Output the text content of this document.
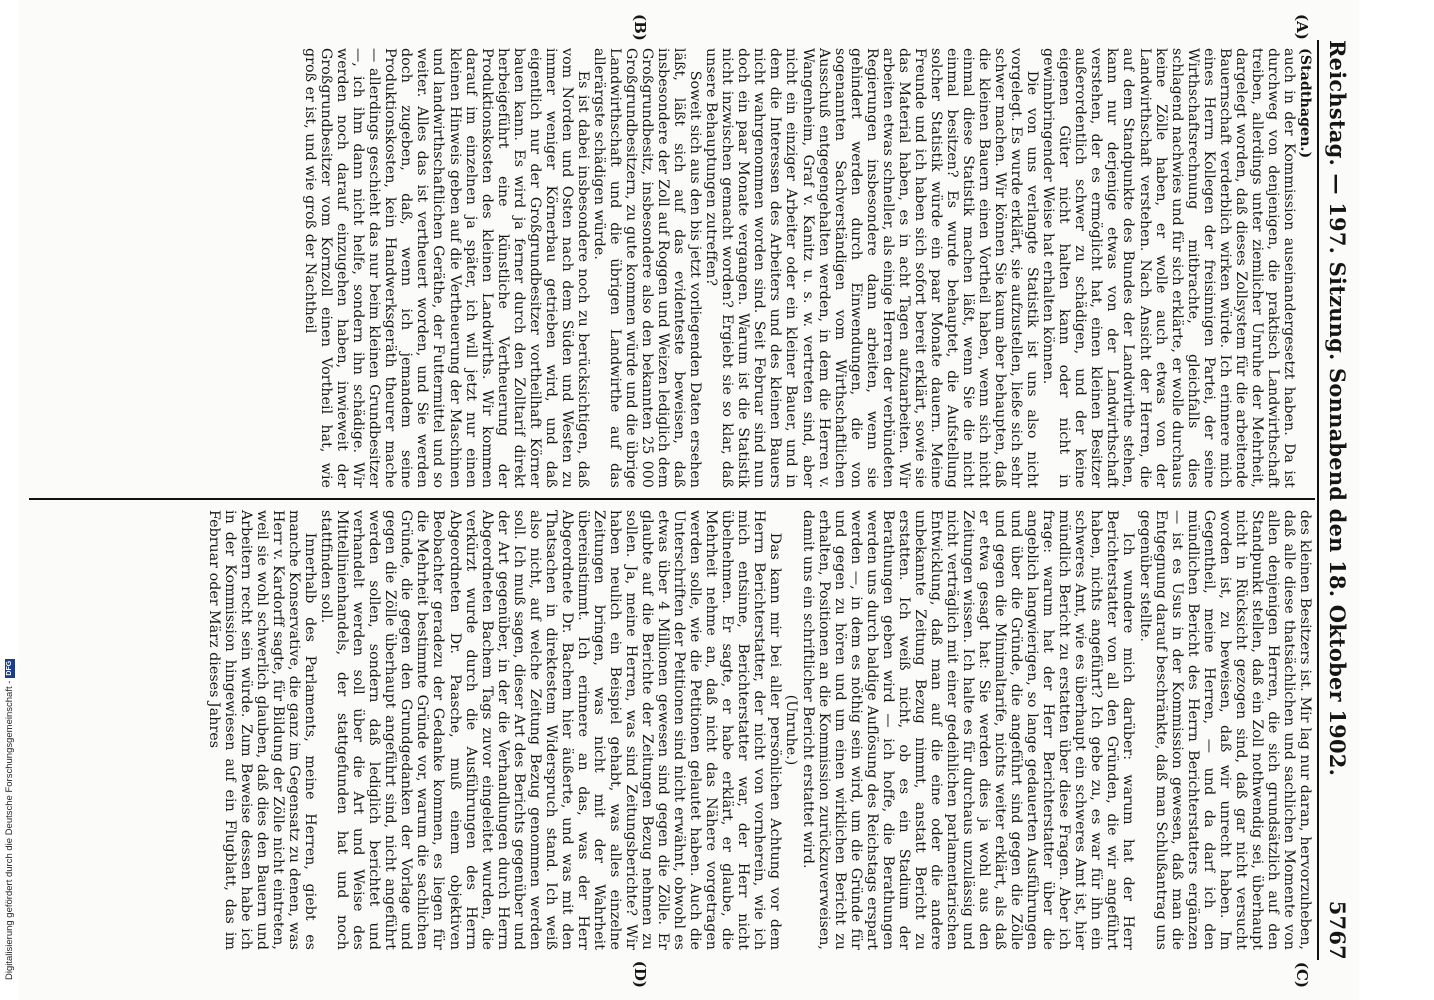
Reichstag. — 197. Sitzung. Sonnabend den 18. Oktober 1902.
5767
(A)
(B)
(C)
(D)

(Stadthagen.)

auch in der Kommission auseinandergesetzt haben. Da ist durchweg von denjenigen, die praktisch Landwirthschaft treiben, allerdings unter ziemlicher Unruhe der Mehrheit, dargelegt worden, daß dieses Zollsystem für die arbeitende Bauernschaft verderblich wirken würde. Ich erinnere mich eines Herrn Kollegen der freisinnigen Partei, der seine Wirthschaftsrechnung mitbrachte, gleichfalls dies schlagend nachwies und für sich erklärte, er wolle durchaus keine Zölle haben, er wolle auch etwas von der Landwirthschaft verstehen. Nach Ansicht der Herren, die auf dem Standpunkte des Bundes der Landwirthe stehen, kann nur derjenige etwas von der Landwirthschaft verstehen, der es ermöglicht hat, einen kleinen Besitzer außerordentlich schwer zu schädigen, und der keine eigenen Güter nicht halten kann oder nicht in gewinnbringender Weise hat erhalten können.

Die von uns verlangte Statistik ist uns also nicht vorgelegt. Es wurde erklärt, sie aufzustellen, ließe sich sehr schwer machen. Wir können Sie kaum aber behaupten, daß die kleinen Bauern einen Vortheil haben, wenn sich nicht einmal diese Statistik machen läßt, wenn Sie die nicht einmal besitzen? Es wurde behauptet, die Aufstellung solcher Statistik würde ein paar Monate dauern. Meine Freunde und ich haben sich sofort bereit erklärt, sowie sie das Material haben, es in acht Tagen aufzuarbeiten. Wir arbeiten etwas schneller, als einige Herren der verbündeten Regierungen insbesondere dann arbeiten, wenn sie gehindert werden durch Einwendungen, die von sogenannten Sachverständigen vom Wirthschaftlichen Ausschuß entgegengehalten werden, in dem die Herren v. Wangenheim, Graf v. Kanitz u. s. w. vertreten sind, aber nicht ein einziger Arbeiter oder ein kleiner Bauer, und in dem die Interessen des Arbeiters und des kleinen Bauers nicht wahrgenommen worden sind. Seit Februar sind nun doch ein paar Monate vergangen. Warum ist die Statistik nicht inzwischen gemacht worden? Ergiebt sie so klar, daß unsere Behauptungen zutreffen?

Soweit sich aus den bis jetzt vorliegenden Daten ersehen läßt, läßt sich auf das evidenteste beweisen, daß insbesondere der Zoll auf Roggen und Weizen lediglich dem Großgrundbesitz, insbesondere also den bekannten 25 000 Großgrundbesitzern, zu gute kommen würde und die übrige Landwirthschaft und die übrigen Landwirthe auf das allerärgste schädigen würde.

Es ist dabei insbesondere noch zu berücksichtigen, daß vom Norden und Osten nach dem Süden und Westen zu immer weniger Körnerbau getrieben wird, und daß eigentlich nur der Großgrundbesitzer vortheilhaft Körner bauen kann. Es wird ja ferner durch den Zolltarif direkt herbeigeführt eine künstliche Vertheuerung der Produktionskosten des kleinen Landwirths. Wir kommen darauf im einzelnen ja später, ich will jetzt nur einen kleinen Hinweis geben auf die Vertheuerung der Maschinen und landwirthschaftlichen Geräthe, der Futtermittel und so weiter. Alles das ist vertheuert worden, und Sie werden doch zugeben, daß, wenn ich jemandem seine Produktionskosten, kein Handwerksgeräth theurer mache — allerdings geschieht das nur beim kleinen Grundbesitzer —, ich ihm dann nicht helfe, sondern ihn schädige. Wir werden noch darauf einzugehen haben, inwieweit der Großgrundbesitzer vom Kornzoll einen Vortheil hat, wie groß er ist, und wie groß der Nachtheil

des kleinen Besitzers ist. Mir lag nur daran, hervorzuheben, daß alle diese thatsächlichen und sachlichen Momente von allen denjenigen Herren, die sich grundsätzlich auf den Standpunkt stellen, daß ein Zoll nothwendig sei, überhaupt nicht in Rücksicht gezogen sind, daß gar nicht versucht worden ist, zu beweisen, daß wir unrecht haben. Im Gegentheil, meine Herren, — und da darf ich den mündlichen Bericht des Herrn Berichterstatters ergänzen — ist es Usus in der Kommission gewesen, daß man die Entgegnung darauf beschränkte, daß man Schlußantrag uns gegenüber stellte.

Ich wundere mich darüber: warum hat der Herr Berichterstatter von all den Gründen, die wir angeführt haben, nichts angeführt? Ich gebe zu, es war für ihn ein schweres Amt, wie es überhaupt ein schweres Amt ist, hier mündlich Bericht zu erstatten über diese Fragen. Aber ich frage: warum hat der Herr Berichterstatter über die angeblich langwierigen, so lange gedauerten Ausführungen und über die Gründe, die angeführt sind gegen die Zölle und gegen die Minimaltarife, nichts weiter erklärt, als daß er etwa gesagt hat: Sie werden dies ja wohl aus den Zeitungen wissen. Ich halte es für durchaus unzulässig und nicht verträglich mit einer gedeihlichen parlamentarischen Entwicklung, daß man auf die eine oder die andere unbekannte Zeitung Bezug nimmt, anstatt Bericht zu erstatten. Ich weiß nicht, ob es ein Stadium der Berathungen geben wird — ich hoffe, die Berathungen werden uns durch baldige Auflösung des Reichstags erspart werden —, in dem es nöthig sein wird, um die Gründe für und gegen zu hören und um einen wirklichen Bericht zu erhalten, Positionen an die Kommission zurückzuverweisen, damit uns ein schriftlicher Bericht erstattet wird.

(Unruhe.)

Das kann mir bei aller persönlichen Achtung vor dem Herrn Berichterstatter, der nicht von vornherein, wie ich mich entsinne, Berichterstatter war, der Herr nicht übelnehmen. Er sagte, er habe erklärt, er glaube, die Mehrheit nehme an, daß nicht das Nähere vorgetragen werden solle, wie die Petitionen gelautet haben. Auch die Unterschriften der Petitionen sind nicht erwähnt, obwohl es etwas über 4 Millionen gewesen sind gegen die Zölle. Er glaubte auf die Berichte der Zeitungen Bezug nehmen zu sollen. Ja, meine Herren, was sind Zeitungsberichte? Wir haben neulich ein Beispiel gehabt, was alles einzelne Zeitungen bringen, was nicht mit der Wahrheit übereinstimmt. Ich erinnere an das, was der Herr Abgeordnete Dr. Bachem hier äußerte, und was mit den Thatsachen in direktestem Widerspruch stand. Ich weiß also nicht, auf welche Zeitung Bezug genommen werden soll. Ich muß sagen, dieser Art des Berichts gegenüber und der Art gegenüber, in der die Verhandlungen durch Herrn Abgeordneten Bachem Tags zuvor eingeleitet wurden, die verkürzt wurde durch die Ausführungen des Herrn Abgeordneten Dr. Paasche, muß einem objektiven Beobachter geradezu der Gedanke kommen, es liegen für die Mehrheit bestimmte Gründe vor, warum die sachlichen Gründe, die gegen den Grundgedanken der Vorlage und gegen die Zölle überhaupt angeführt sind, nicht angeführt werden sollen, sondern daß lediglich berichtet und verhandelt werden soll über die Art und Weise des Mittellinienhandels, der stattgefunden hat und noch stattfinden soll.

Innerhalb des Parlaments, meine Herren, giebt es manche Konservative, die ganz im Gegensatz zu denen, was Herr v. Kardorff sagte, für Bildung der Zölle nicht eintreten, weil sie wohl schwerlich glauben, daß dies den Bauern und Arbeitern recht sein würde. Zum Beweise dessen habe ich in der Kommission hingewiesen auf ein Flugblatt, das im Februar oder März dieses Jahres

Digitalisierung gefördert durch die Deutsche Forschungsgemeinschaft -
DFG
